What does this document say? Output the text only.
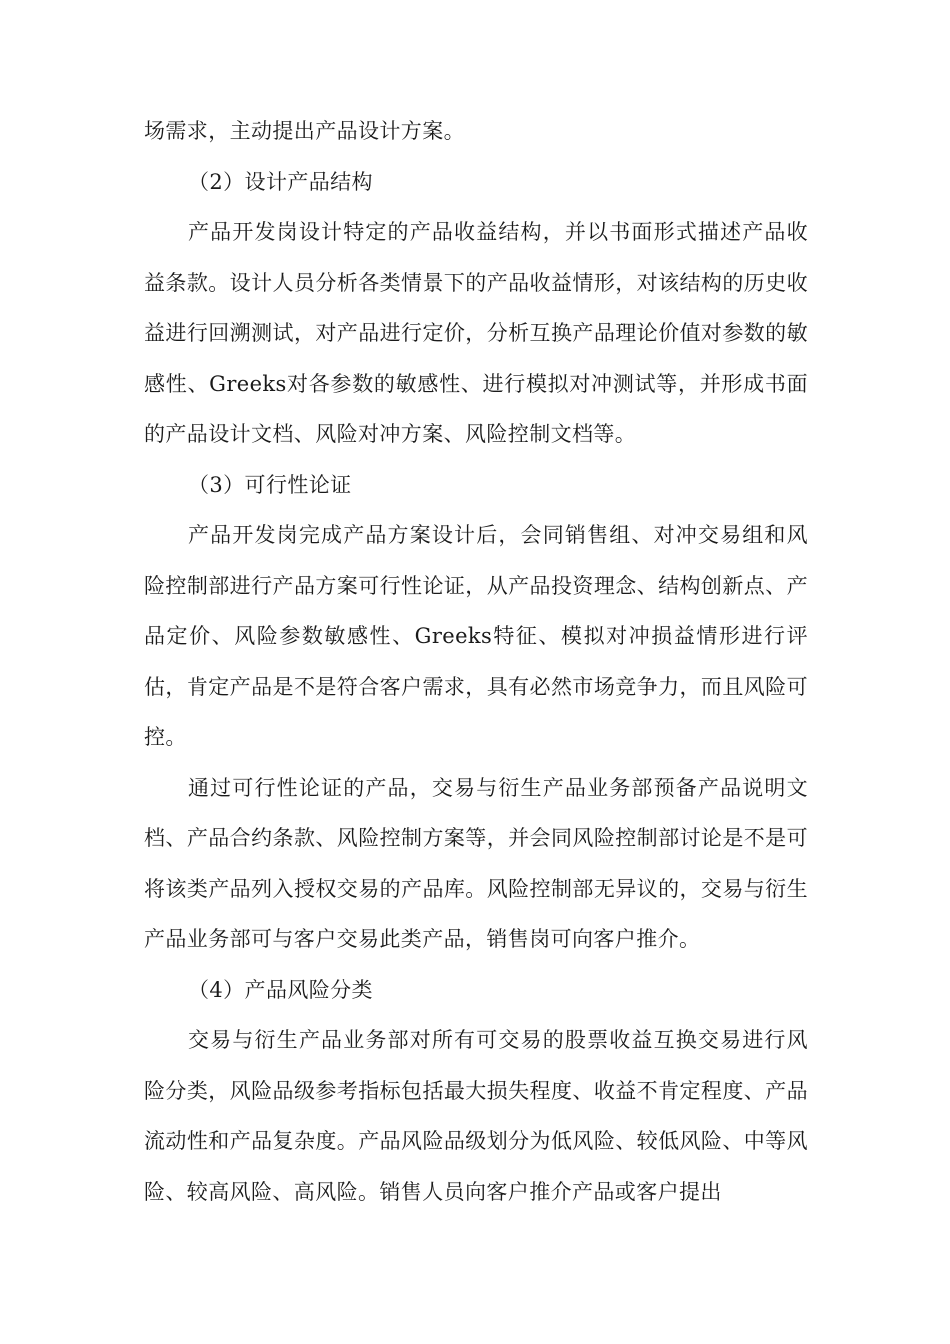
场需求，主动提出产品设计方案。

（2）设计产品结构

产品开发岗设计特定的产品收益结构，并以书面形式描述产品收益条款。设计人员分析各类情景下的产品收益情形，对该结构的历史收益进行回溯测试，对产品进行定价，分析互换产品理论价值对参数的敏感性、Greeks对各参数的敏感性、进行模拟对冲测试等，并形成书面的产品设计文档、风险对冲方案、风险控制文档等。

（3）可行性论证

产品开发岗完成产品方案设计后，会同销售组、对冲交易组和风险控制部进行产品方案可行性论证，从产品投资理念、结构创新点、产品定价、风险参数敏感性、Greeks特征、模拟对冲损益情形进行评估，肯定产品是不是符合客户需求，具有必然市场竞争力，而且风险可控。

通过可行性论证的产品，交易与衍生产品业务部预备产品说明文档、产品合约条款、风险控制方案等，并会同风险控制部讨论是不是可将该类产品列入授权交易的产品库。风险控制部无异议的，交易与衍生产品业务部可与客户交易此类产品，销售岗可向客户推介。

（4）产品风险分类

交易与衍生产品业务部对所有可交易的股票收益互换交易进行风险分类，风险品级参考指标包括最大损失程度、收益不肯定程度、产品流动性和产品复杂度。产品风险品级划分为低风险、较低风险、中等风险、较高风险、高风险。销售人员向客户推介产品或客户提出
